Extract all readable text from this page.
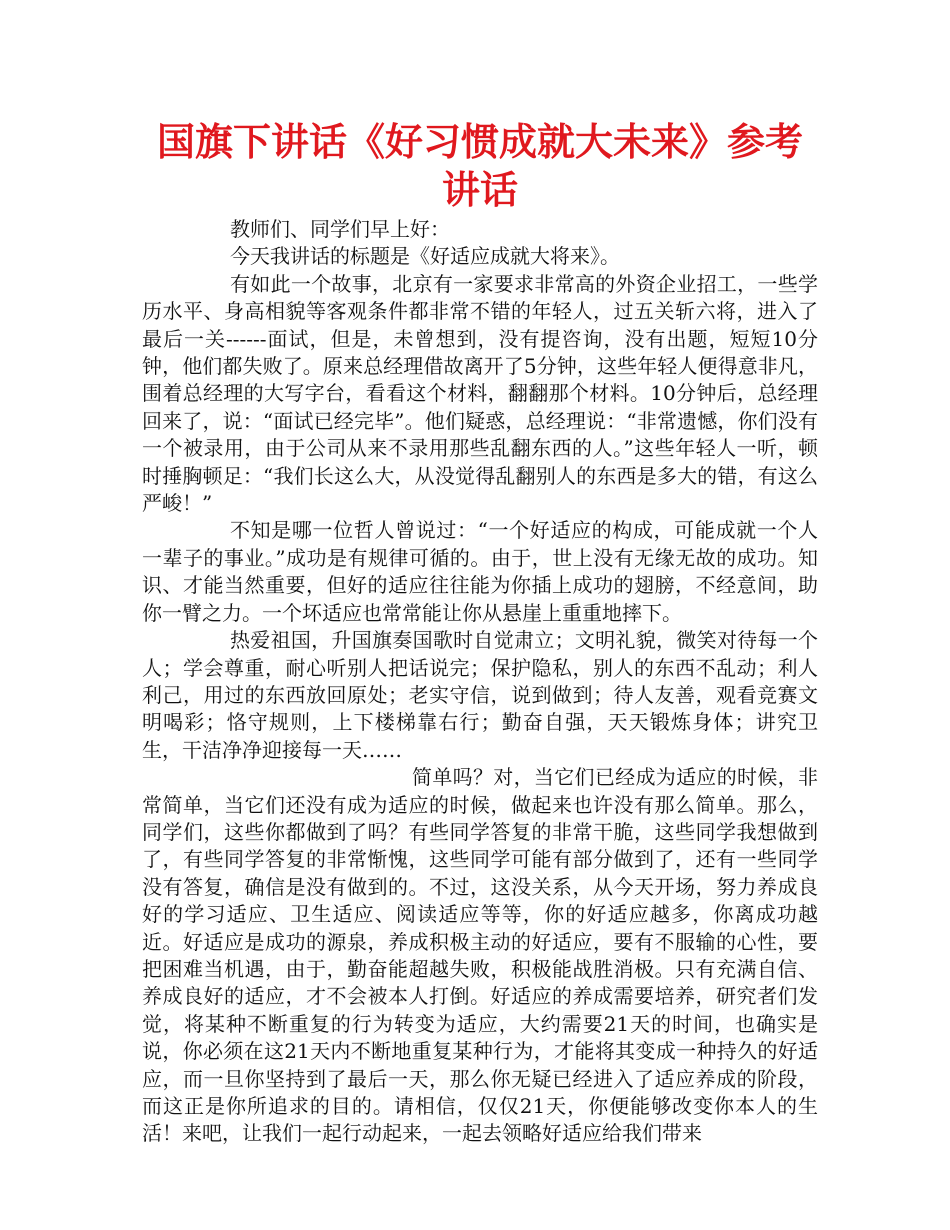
国旗下讲话《好习惯成就大未来》参考讲话

教师们、同学们早上好：

今天我讲话的标题是《好适应成就大将来》。

有如此一个故事，北京有一家要求非常高的外资企业招工，一些学历水平、身高相貌等客观条件都非常不错的年轻人，过五关斩六将，进入了最后一关------面试，但是，未曾想到，没有提咨询，没有出题，短短10分钟，他们都失败了。原来总经理借故离开了5分钟，这些年轻人便得意非凡，围着总经理的大写字台，看看这个材料，翻翻那个材料。10分钟后，总经理回来了，说：“面试已经完毕”。他们疑惑，总经理说：“非常遗憾，你们没有一个被录用，由于公司从来不录用那些乱翻东西的人。”这些年轻人一听，顿时捶胸顿足：“我们长这么大，从没觉得乱翻别人的东西是多大的错，有这么严峻！”

不知是哪一位哲人曾说过：“一个好适应的构成，可能成就一个人一辈子的事业。”成功是有规律可循的。由于，世上没有无缘无故的成功。知识、才能当然重要，但好的适应往往能为你插上成功的翅膀，不经意间，助你一臂之力。一个坏适应也常常能让你从悬崖上重重地摔下。

热爱祖国，升国旗奏国歌时自觉肃立；文明礼貌，微笑对待每一个人；学会尊重，耐心听别人把话说完；保护隐私，别人的东西不乱动；利人利己，用过的东西放回原处；老实守信，说到做到；待人友善，观看竞赛文明喝彩；恪守规则，上下楼梯靠右行；勤奋自强，天天锻炼身体；讲究卫生，干洁净净迎接每一天……

简单吗？对，当它们已经成为适应的时候，非常简单，当它们还没有成为适应的时候，做起来也许没有那么简单。那么，同学们，这些你都做到了吗？有些同学答复的非常干脆，这些同学我想做到了，有些同学答复的非常惭愧，这些同学可能有部分做到了，还有一些同学没有答复，确信是没有做到的。不过，这没关系，从今天开场，努力养成良好的学习适应、卫生适应、阅读适应等等，你的好适应越多，你离成功越近。好适应是成功的源泉，养成积极主动的好适应，要有不服输的心性，要把困难当机遇，由于，勤奋能超越失败，积极能战胜消极。只有充满自信、养成良好的适应，才不会被本人打倒。好适应的养成需要培养，研究者们发觉，将某种不断重复的行为转变为适应，大约需要21天的时间，也确实是说，你必须在这21天内不断地重复某种行为，才能将其变成一种持久的好适应，而一旦你坚持到了最后一天，那么你无疑已经进入了适应养成的阶段，而这正是你所追求的目的。请相信，仅仅21天，你便能够改变你本人的生活！来吧，让我们一起行动起来，一起去领略好适应给我们带来
